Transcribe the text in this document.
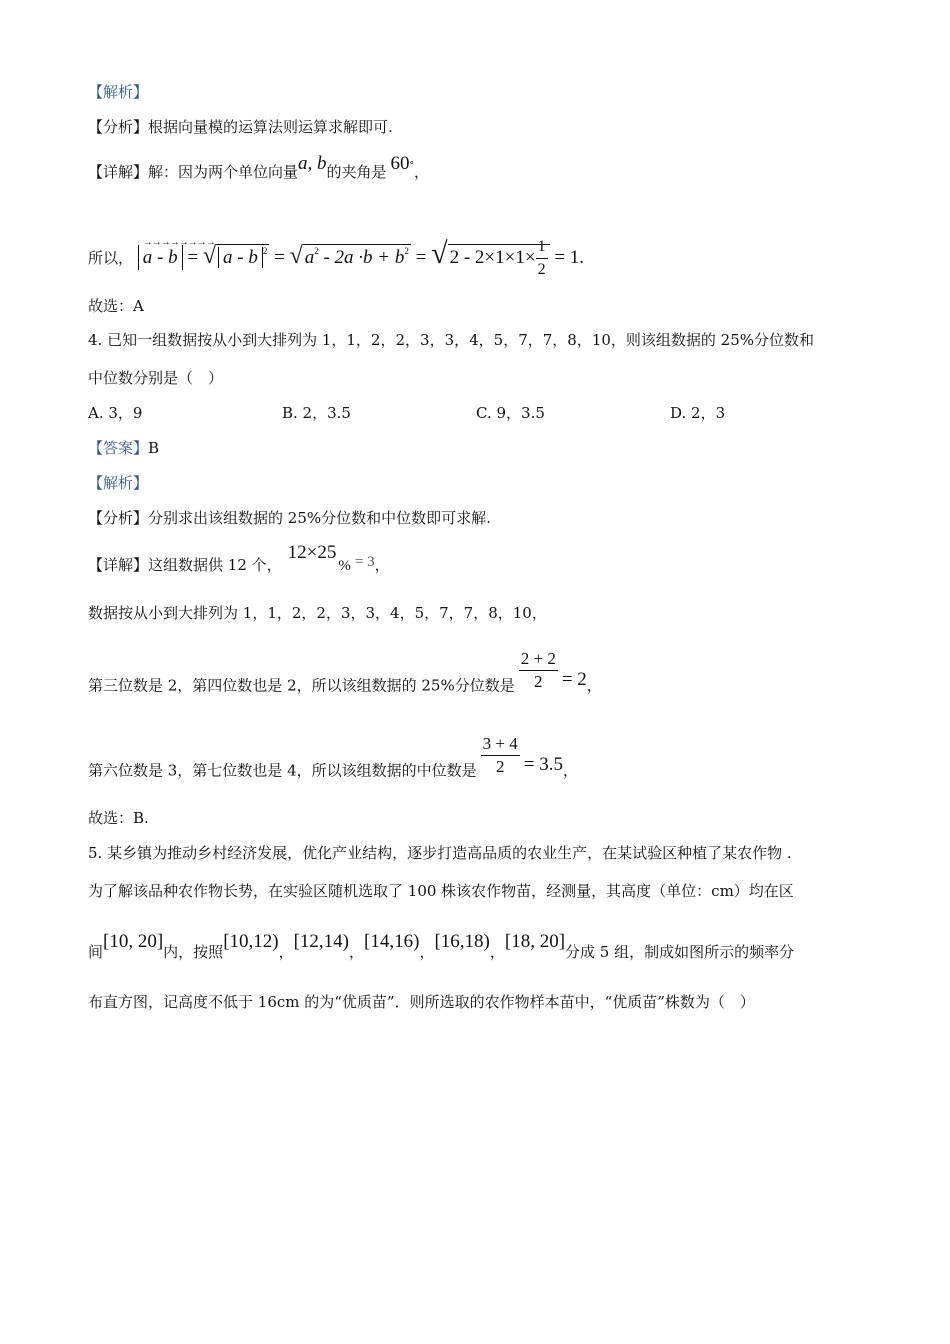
【解析】
【分析】根据向量模的运算法则运算求解即可.
【详解】解：因为两个单位向量a, b的夹角是 60°，
所以，
→→→→→→→→
a - b = √ a - b $^2$ = √ $a^2 - 2a \cdot b + b^2$ = √ $2 - 2\times 1\times 1\times \frac{1}{2} = 1$.
故选：A
4. 已知一组数据按从小到大排列为 1，1，2，2，3，3，4，5，7，7，8，10，则该组数据的 25%分位数和
中位数分别是（　）
A. 3，9	B. 2，3.5	C. 9，3.5	D. 2，3
【答案】B
【解析】
【分析】分别求出该组数据的 25%分位数和中位数即可求解.
【详解】这组数据供 12 个，12×25% = 3，
数据按从小到大排列为 1，1，2，2，3，3，4，5，7，7，8，10，
第三位数是 2，第四位数也是 2，所以该组数据的 25%分位数是 $\frac{2 + 2}{2} = 2$，
第六位数是 3，第七位数也是 4，所以该组数据的中位数是 $\frac{3 + 4}{2} = 3.5$，
故选：B.
5. 某乡镇为推动乡村经济发展，优化产业结构，逐步打造高品质的农业生产，在某试验区种植了某农作物 .
为了解该品种农作物长势，在实验区随机选取了 100 株该农作物苗，经测量，其高度（单位：cm）均在区
间[10, 20]内，按照[10,12)，[12,14)，[14,16)，[16,18)，[18, 20]分成 5 组，制成如图所示的频率分
布直方图，记高度不低于 16cm 的为“优质苗”．则所选取的农作物样本苗中，“优质苗”株数为（　）
